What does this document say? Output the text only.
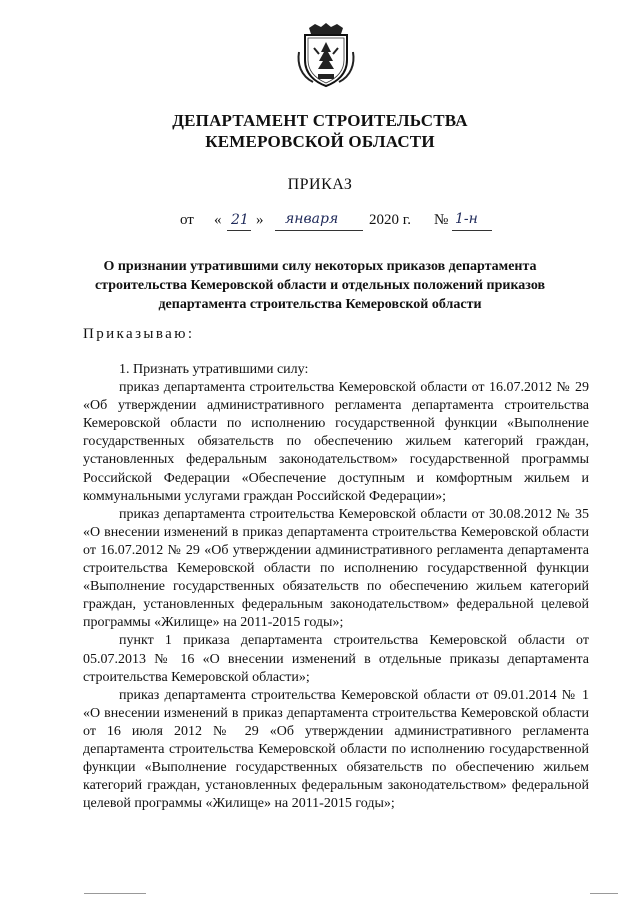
ДЕПАРТАМЕНТ СТРОИТЕЛЬСТВА
КЕМЕРОВСКОЙ ОБЛАСТИ
ПРИКАЗ
от « 21 » января 2020 г. № 1-н
О признании утратившими силу некоторых приказов департамента строительства Кемеровской области и отдельных положений приказов департамента строительства Кемеровской области
Приказываю:

1. Признать утратившими силу:

приказ департамента строительства Кемеровской области от 16.07.2012 № 29 «Об утверждении административного регламента департамента строительства Кемеровской области по исполнению государственной функции «Выполнение государственных обязательств по обеспечению жильем категорий граждан, установленных федеральным законодательством» государственной программы Российской Федерации «Обеспечение доступным и комфортным жильем и коммунальными услугами граждан Российской Федерации»;

приказ департамента строительства Кемеровской области от 30.08.2012 № 35 «О внесении изменений в приказ департамента строительства Кемеровской области от 16.07.2012 № 29 «Об утверждении административного регламента департамента строительства Кемеровской области по исполнению государственной функции «Выполнение государственных обязательств по обеспечению жильем категорий граждан, установленных федеральным законодательством» федеральной целевой программы «Жилище» на 2011-2015 годы»;

пункт 1 приказа департамента строительства Кемеровской области от 05.07.2013 № 16 «О внесении изменений в отдельные приказы департамента строительства Кемеровской области»;

приказ департамента строительства Кемеровской области от 09.01.2014 № 1 «О внесении изменений в приказ департамента строительства Кемеровской области от 16 июля 2012 № 29 «Об утверждении административного регламента департамента строительства Кемеровской области по исполнению государственной функции «Выполнение государственных обязательств по обеспечению жильем категорий граждан, установленных федеральным законодательством» федеральной целевой программы «Жилище» на 2011-2015 годы»;
